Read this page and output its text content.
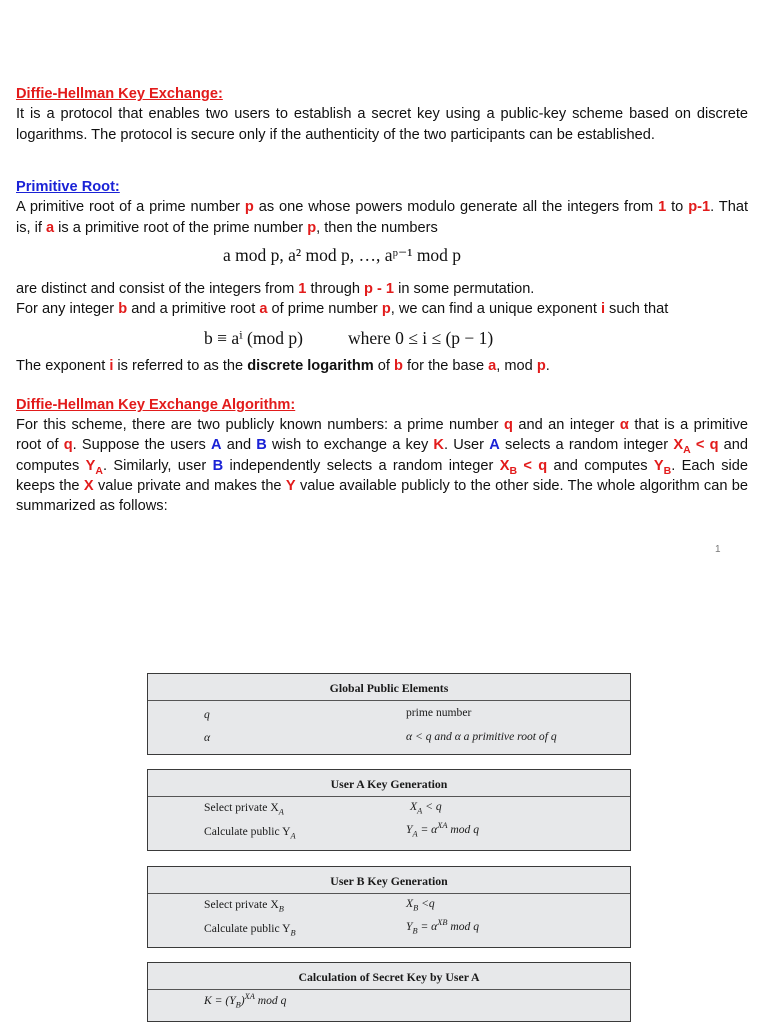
Diffie-Hellman Key Exchange:
It is a protocol that enables two users to establish a secret key using a public-key scheme based on discrete logarithms. The protocol is secure only if the authenticity of the two participants can be established.
Primitive Root:
A primitive root of a prime number p as one whose powers modulo generate all the integers from 1 to p-1. That is, if a is a primitive root of the prime number p, then the numbers
a mod p, a² mod p, …, aᵖ⁻¹ mod p
are distinct and consist of the integers from 1 through p - 1 in some permutation.
For any integer b and a primitive root a of prime number p, we can find a unique exponent i such that
b ≡ aⁱ (mod p)	where 0 ≤ i ≤ (p − 1)
The exponent i is referred to as the discrete logarithm of b for the base a, mod p.
Diffie-Hellman Key Exchange Algorithm:
For this scheme, there are two publicly known numbers: a prime number q and an integer α that is a primitive root of q. Suppose the users A and B wish to exchange a key K. User A selects a random integer $X_A < q$ and computes $Y_A$. Similarly, user B independently selects a random integer $X_B < q$ and computes $Y_B$. Each side keeps the X value private and makes the Y value available publicly to the other side. The whole algorithm can be summarized as follows:
1
Global Public Elements
q	prime number
α	α < q and α a primitive root of q
User A Key Generation
Select private $X_A$	$X_A < q$
Calculate public $Y_A$	$Y_A = \alpha^{XA}$ mod q
User B Key Generation
Select private $X_B$	$X_B <q$
Calculate public $Y_B$	$Y_B = \alpha^{XB}$ mod q
Calculation of Secret Key by User A
$K = (Y_B)^{XA}$ mod q
